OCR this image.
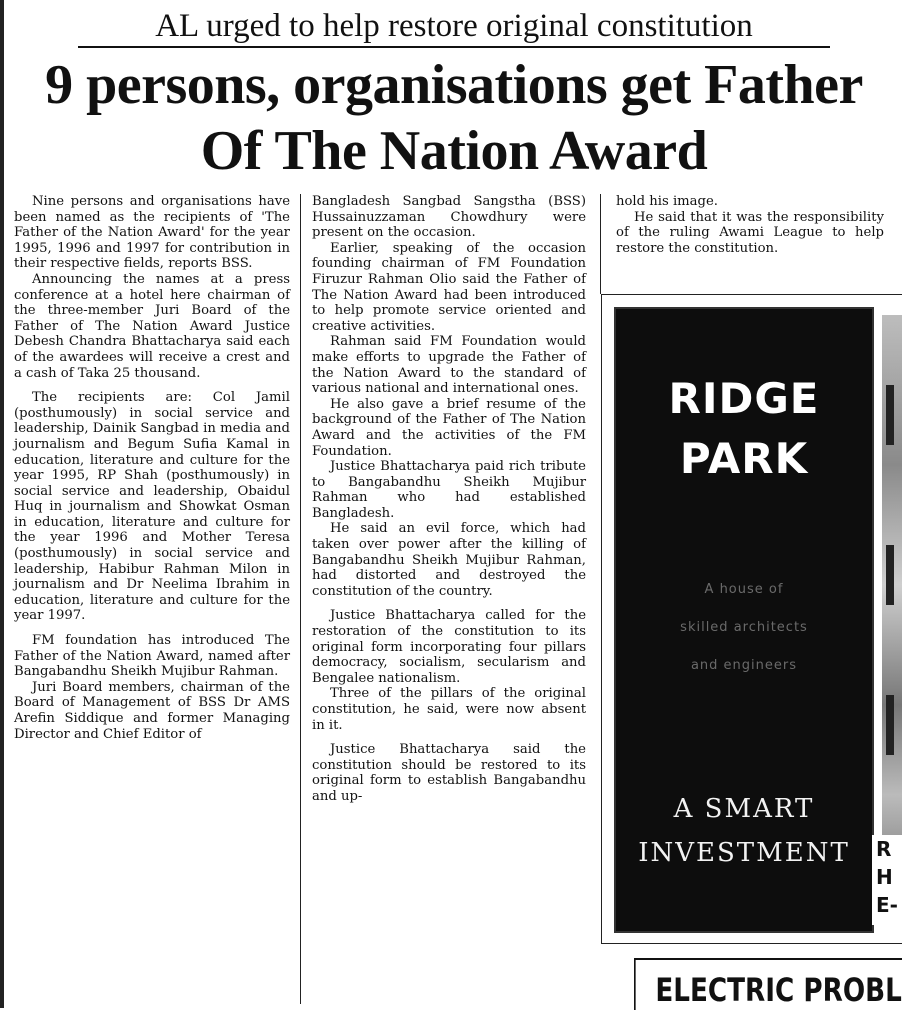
AL urged to help restore original constitution
9 persons, organisations get Father Of The Nation Award

Nine persons and organisations have been named as the recipients of 'The Father of the Nation Award' for the year 1995, 1996 and 1997 for contribution in their respective fields, reports BSS.

Announcing the names at a press conference at a hotel here chairman of the three-member Juri Board of the Father of The Nation Award Justice Debesh Chandra Bhattacharya said each of the awardees will receive a crest and a cash of Taka 25 thousand.

The recipients are: Col Jamil (posthumously) in social service and leadership, Dainik Sangbad in media and journalism and Begum Sufia Kamal in education, literature and culture for the year 1995, RP Shah (posthumously) in social service and leadership, Obaidul Huq in journalism and Showkat Osman in education, literature and culture for the year 1996 and Mother Teresa (posthumously) in social service and leadership, Habibur Rahman Milon in journalism and Dr Neelima Ibrahim in education, literature and culture for the year 1997.

FM foundation has introduced The Father of the Nation Award, named after Bangabandhu Sheikh Mujibur Rahman.

Juri Board members, chairman of the Board of Management of BSS Dr AMS Arefin Siddique and former Managing Director and Chief Editor of

Bangladesh Sangbad Sangstha (BSS) Hussainuzzaman Chowdhury were present on the occasion.

Earlier, speaking of the occasion founding chairman of FM Foundation Firuzur Rahman Olio said the Father of The Nation Award had been introduced to help promote service oriented and creative activities.

Rahman said FM Foundation would make efforts to upgrade the Father of the Nation Award to the standard of various national and international ones.

He also gave a brief resume of the background of the Father of The Nation Award and the activities of the FM Foundation.

Justice Bhattacharya paid rich tribute to Bangabandhu Sheikh Mujibur Rahman who had established Bangladesh.

He said an evil force, which had taken over power after the killing of Bangabandhu Sheikh Mujibur Rahman, had distorted and destroyed the constitution of the country.

Justice Bhattacharya called for the restoration of the constitution to its original form incorporating four pillars democracy, socialism, secularism and Bengalee nationalism.

Three of the pillars of the original constitution, he said, were now absent in it.

Justice Bhattacharya said the constitution should be restored to its original form to establish Bangabandhu and up-

hold his image.

He said that it was the responsibility of the ruling Awami League to help restore the constitution.

RIDGE
PARK
A house of
skilled architects
and engineers
A SMART
INVESTMENT	R H E-
ELECTRIC PROBL
